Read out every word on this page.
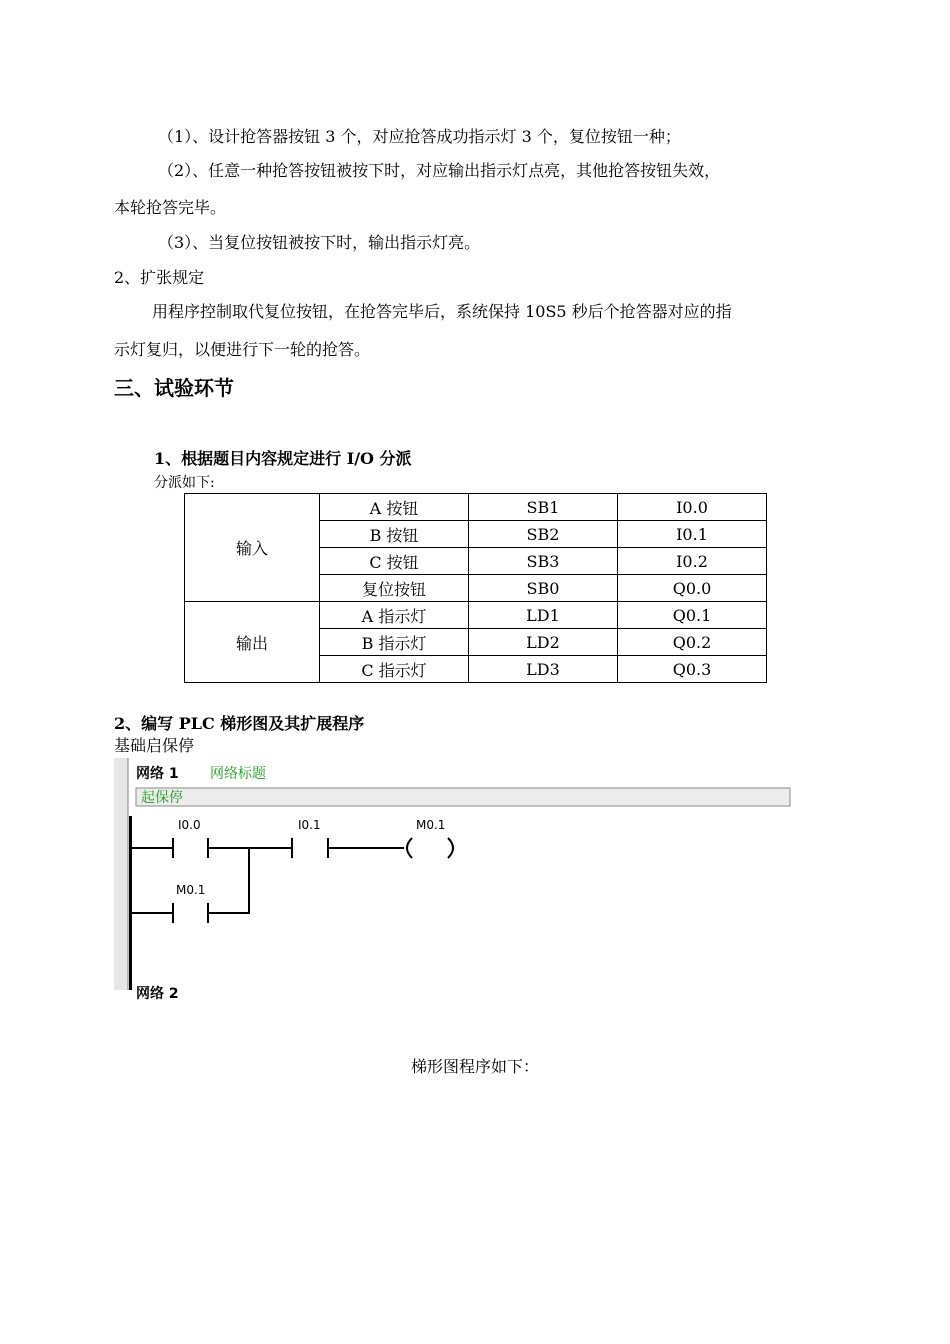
（1）、设计抢答器按钮 3 个，对应抢答成功指示灯 3 个，复位按钮一种；
（2）、任意一种抢答按钮被按下时，对应输出指示灯点亮，其他抢答按钮失效，
本轮抢答完毕。
（3）、当复位按钮被按下时，输出指示灯亮。
2、扩张规定
用程序控制取代复位按钮，在抢答完毕后，系统保持 10S5 秒后个抢答器对应的指
示灯复归，以便进行下一轮的抢答。
三、试验环节
1、根据题目内容规定进行 I/O 分派
分派如下:
输入	A 按钮	SB1	I0.0
	B 按钮	SB2	I0.1
	C 按钮	SB3	I0.2
	复位按钮	SB0	Q0.0
输出	A 指示灯	LD1	Q0.1
	B 指示灯	LD2	Q0.2
	C 指示灯	LD3	Q0.3
2、编写 PLC 梯形图及其扩展程序
基础启保停
网络 1 网络标题
起保停
I0.0	I0.1	M0.1
M0.1
网络 2
梯形图程序如下：
